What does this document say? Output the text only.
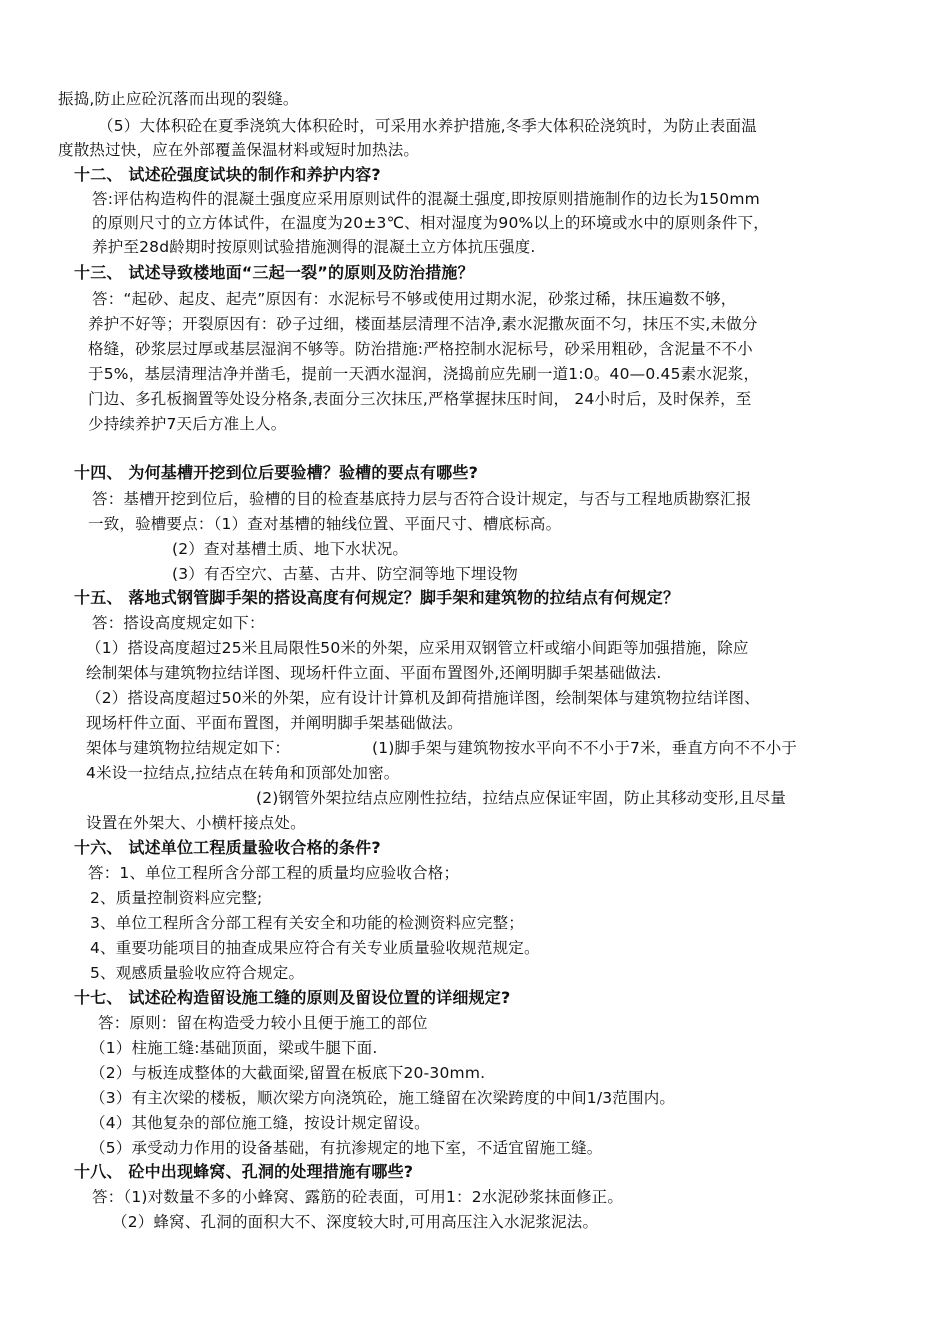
振捣,防止应砼沉落而出现的裂缝。
（5）大体积砼在夏季浇筑大体积砼时，可采用水养护措施,冬季大体积砼浇筑时，为防止表面温
度散热过快，应在外部覆盖保温材料或短时加热法。
十二、 试述砼强度试块的制作和养护内容?
答:评估构造构件的混凝土强度应采用原则试件的混凝土强度,即按原则措施制作的边长为150mm
的原则尺寸的立方体试件，在温度为20±3℃、相对湿度为90%以上的环境或水中的原则条件下，
养护至28d龄期时按原则试验措施测得的混凝土立方体抗压强度.
十三、 试述导致楼地面“三起一裂”的原则及防治措施？
答：“起砂、起皮、起壳”原因有：水泥标号不够或使用过期水泥，砂浆过稀，抹压遍数不够，
养护不好等；开裂原因有：砂子过细，楼面基层清理不洁净,素水泥撒灰面不匀，抹压不实,未做分
格缝，砂浆层过厚或基层湿润不够等。防治措施:严格控制水泥标号，砂采用粗砂，含泥量不不小
于5%，基层清理洁净并凿毛，提前一天洒水湿润，浇捣前应先刷一道1:0。40—0.45素水泥浆，
门边、多孔板搁置等处设分格条,表面分三次抹压,严格掌握抹压时间， 24小时后，及时保养，至
少持续养护7天后方准上人。
十四、 为何基槽开挖到位后要验槽？验槽的要点有哪些?
答：基槽开挖到位后，验槽的目的检查基底持力层与否符合设计规定，与否与工程地质勘察汇报
一致，验槽要点：（1）查对基槽的轴线位置、平面尺寸、槽底标高。
(2）查对基槽土质、地下水状况。
(3）有否空穴、古墓、古井、防空洞等地下埋设物
十五、 落地式钢管脚手架的搭设高度有何规定？脚手架和建筑物的拉结点有何规定？
答：搭设高度规定如下：
（1）搭设高度超过25米且局限性50米的外架，应采用双钢管立杆或缩小间距等加强措施，除应
绘制架体与建筑物拉结详图、现场杆件立面、平面布置图外,还阐明脚手架基础做法.
（2）搭设高度超过50米的外架，应有设计计算机及卸荷措施详图，绘制架体与建筑物拉结详图、
现场杆件立面、平面布置图，并阐明脚手架基础做法。
架体与建筑物拉结规定如下：	(1)脚手架与建筑物按水平向不不小于7米，垂直方向不不小于
4米设一拉结点,拉结点在转角和顶部处加密。
(2)钢管外架拉结点应刚性拉结，拉结点应保证牢固，防止其移动变形,且尽量
设置在外架大、小横杆接点处。
十六、 试述单位工程质量验收合格的条件?
答：1、单位工程所含分部工程的质量均应验收合格；
2、质量控制资料应完整;
3、单位工程所含分部工程有关安全和功能的检测资料应完整；
4、重要功能项目的抽查成果应符合有关专业质量验收规范规定。
5、观感质量验收应符合规定。
十七、 试述砼构造留设施工缝的原则及留设位置的详细规定?
答：原则：留在构造受力较小且便于施工的部位
（1）柱施工缝:基础顶面，梁或牛腿下面.
（2）与板连成整体的大截面梁,留置在板底下20-30mm.
（3）有主次梁的楼板，顺次梁方向浇筑砼，施工缝留在次梁跨度的中间1/3范围内。
（4）其他复杂的部位施工缝，按设计规定留设。
（5）承受动力作用的设备基础，有抗渗规定的地下室，不适宜留施工缝。
十八、 砼中出现蜂窝、孔洞的处理措施有哪些?
答：（1)对数量不多的小蜂窝、露筋的砼表面，可用1：2水泥砂浆抹面修正。
（2）蜂窝、孔洞的面积大不、深度较大时,可用高压注入水泥浆泥法。
